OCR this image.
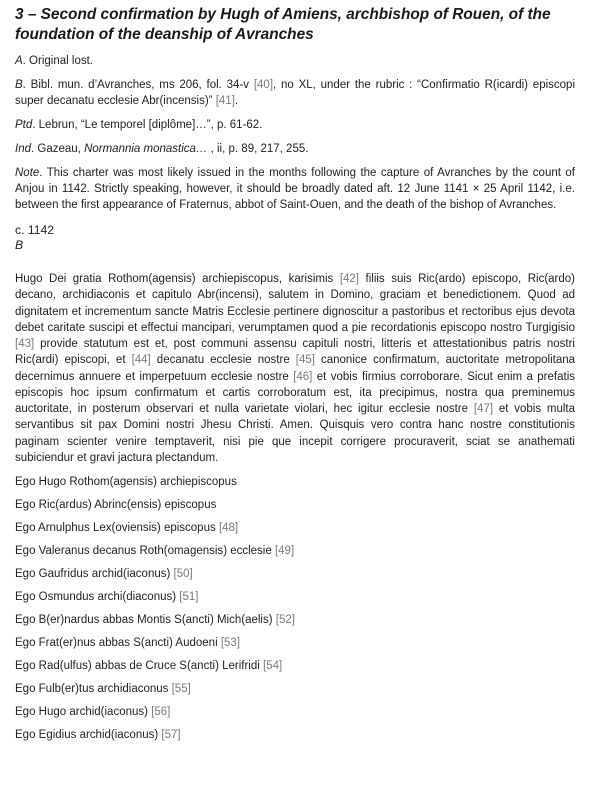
3 – Second confirmation by Hugh of Amiens, archbishop of Rouen, of the foundation of the deanship of Avranches

A. Original lost.

B. Bibl. mun. d’Avranches, ms 206, fol. 34-v [40], no XL, under the rubric : “Confirmatio R(icardi) episcopi super decanatu ecclesie Abr(incensis)” [41].

Ptd. Lebrun, “Le temporel [diplôme]…”, p. 61-62.

Ind. Gazeau, Normannia monastica… , ii, p. 89, 217, 255.

Note. This charter was most likely issued in the months following the capture of Avranches by the count of Anjou in 1142. Strictly speaking, however, it should be broadly dated aft. 12 June 1141 × 25 April 1142, i.e. between the first appearance of Fraternus, abbot of Saint-Ouen, and the death of the bishop of Avranches.

c. 1142
B

Hugo Dei gratia Rothom(agensis) archiepiscopus, karisimis [42] filiis suis Ric(ardo) episcopo, Ric(ardo) decano, archidiaconis et capitulo Abr(incensi), salutem in Domino, graciam et benedictionem. Quod ad dignitatem et incrementum sancte Matris Ecclesie pertinere dignoscitur a pastoribus et rectoribus ejus devota debet caritate suscipi et effectui mancipari, verumptamen quod a pie recordationis episcopo nostro Turgigisio [43] provide statutum est et, post communi assensu capituli nostri, litteris et attestationibus patris nostri Ric(ardi) episcopi, et [44] decanatu ecclesie nostre [45] canonice confirmatum, auctoritate metropolitana decernimus annuere et imperpetuum ecclesie nostre [46] et vobis firmius corroborare. Sicut enim a prefatis episcopis hoc ipsum confirmatum et cartis corroboratum est, ita precipimus, nostra qua preminemus auctoritate, in posterum observari et nulla varietate violari, hec igitur ecclesie nostre [47] et vobis multa servantibus sit pax Domini nostri Jhesu Christi. Amen. Quisquis vero contra hanc nostre constitutionis paginam scienter venire temptaverit, nisi pie que incepit corrigere procuraverit, sciat se anathemati subiciendur et gravi jactura plectandum.

Ego Hugo Rothom(agensis) archiepiscopus
Ego Ric(ardus) Abrinc(ensis) episcopus
Ego Arnulphus Lex(oviensis) episcopus [48]
Ego Valeranus decanus Roth(omagensis) ecclesie [49]
Ego Gaufridus archid(iaconus) [50]
Ego Osmundus archi(diaconus) [51]
Ego B(er)nardus abbas Montis S(ancti) Mich(aelis) [52]
Ego Frat(er)nus abbas S(ancti) Audoeni [53]
Ego Rad(ulfus) abbas de Cruce S(ancti) Lerifridi [54]
Ego Fulb(er)tus archidiaconus [55]
Ego Hugo archid(iaconus) [56]
Ego Egidius archid(iaconus) [57]
